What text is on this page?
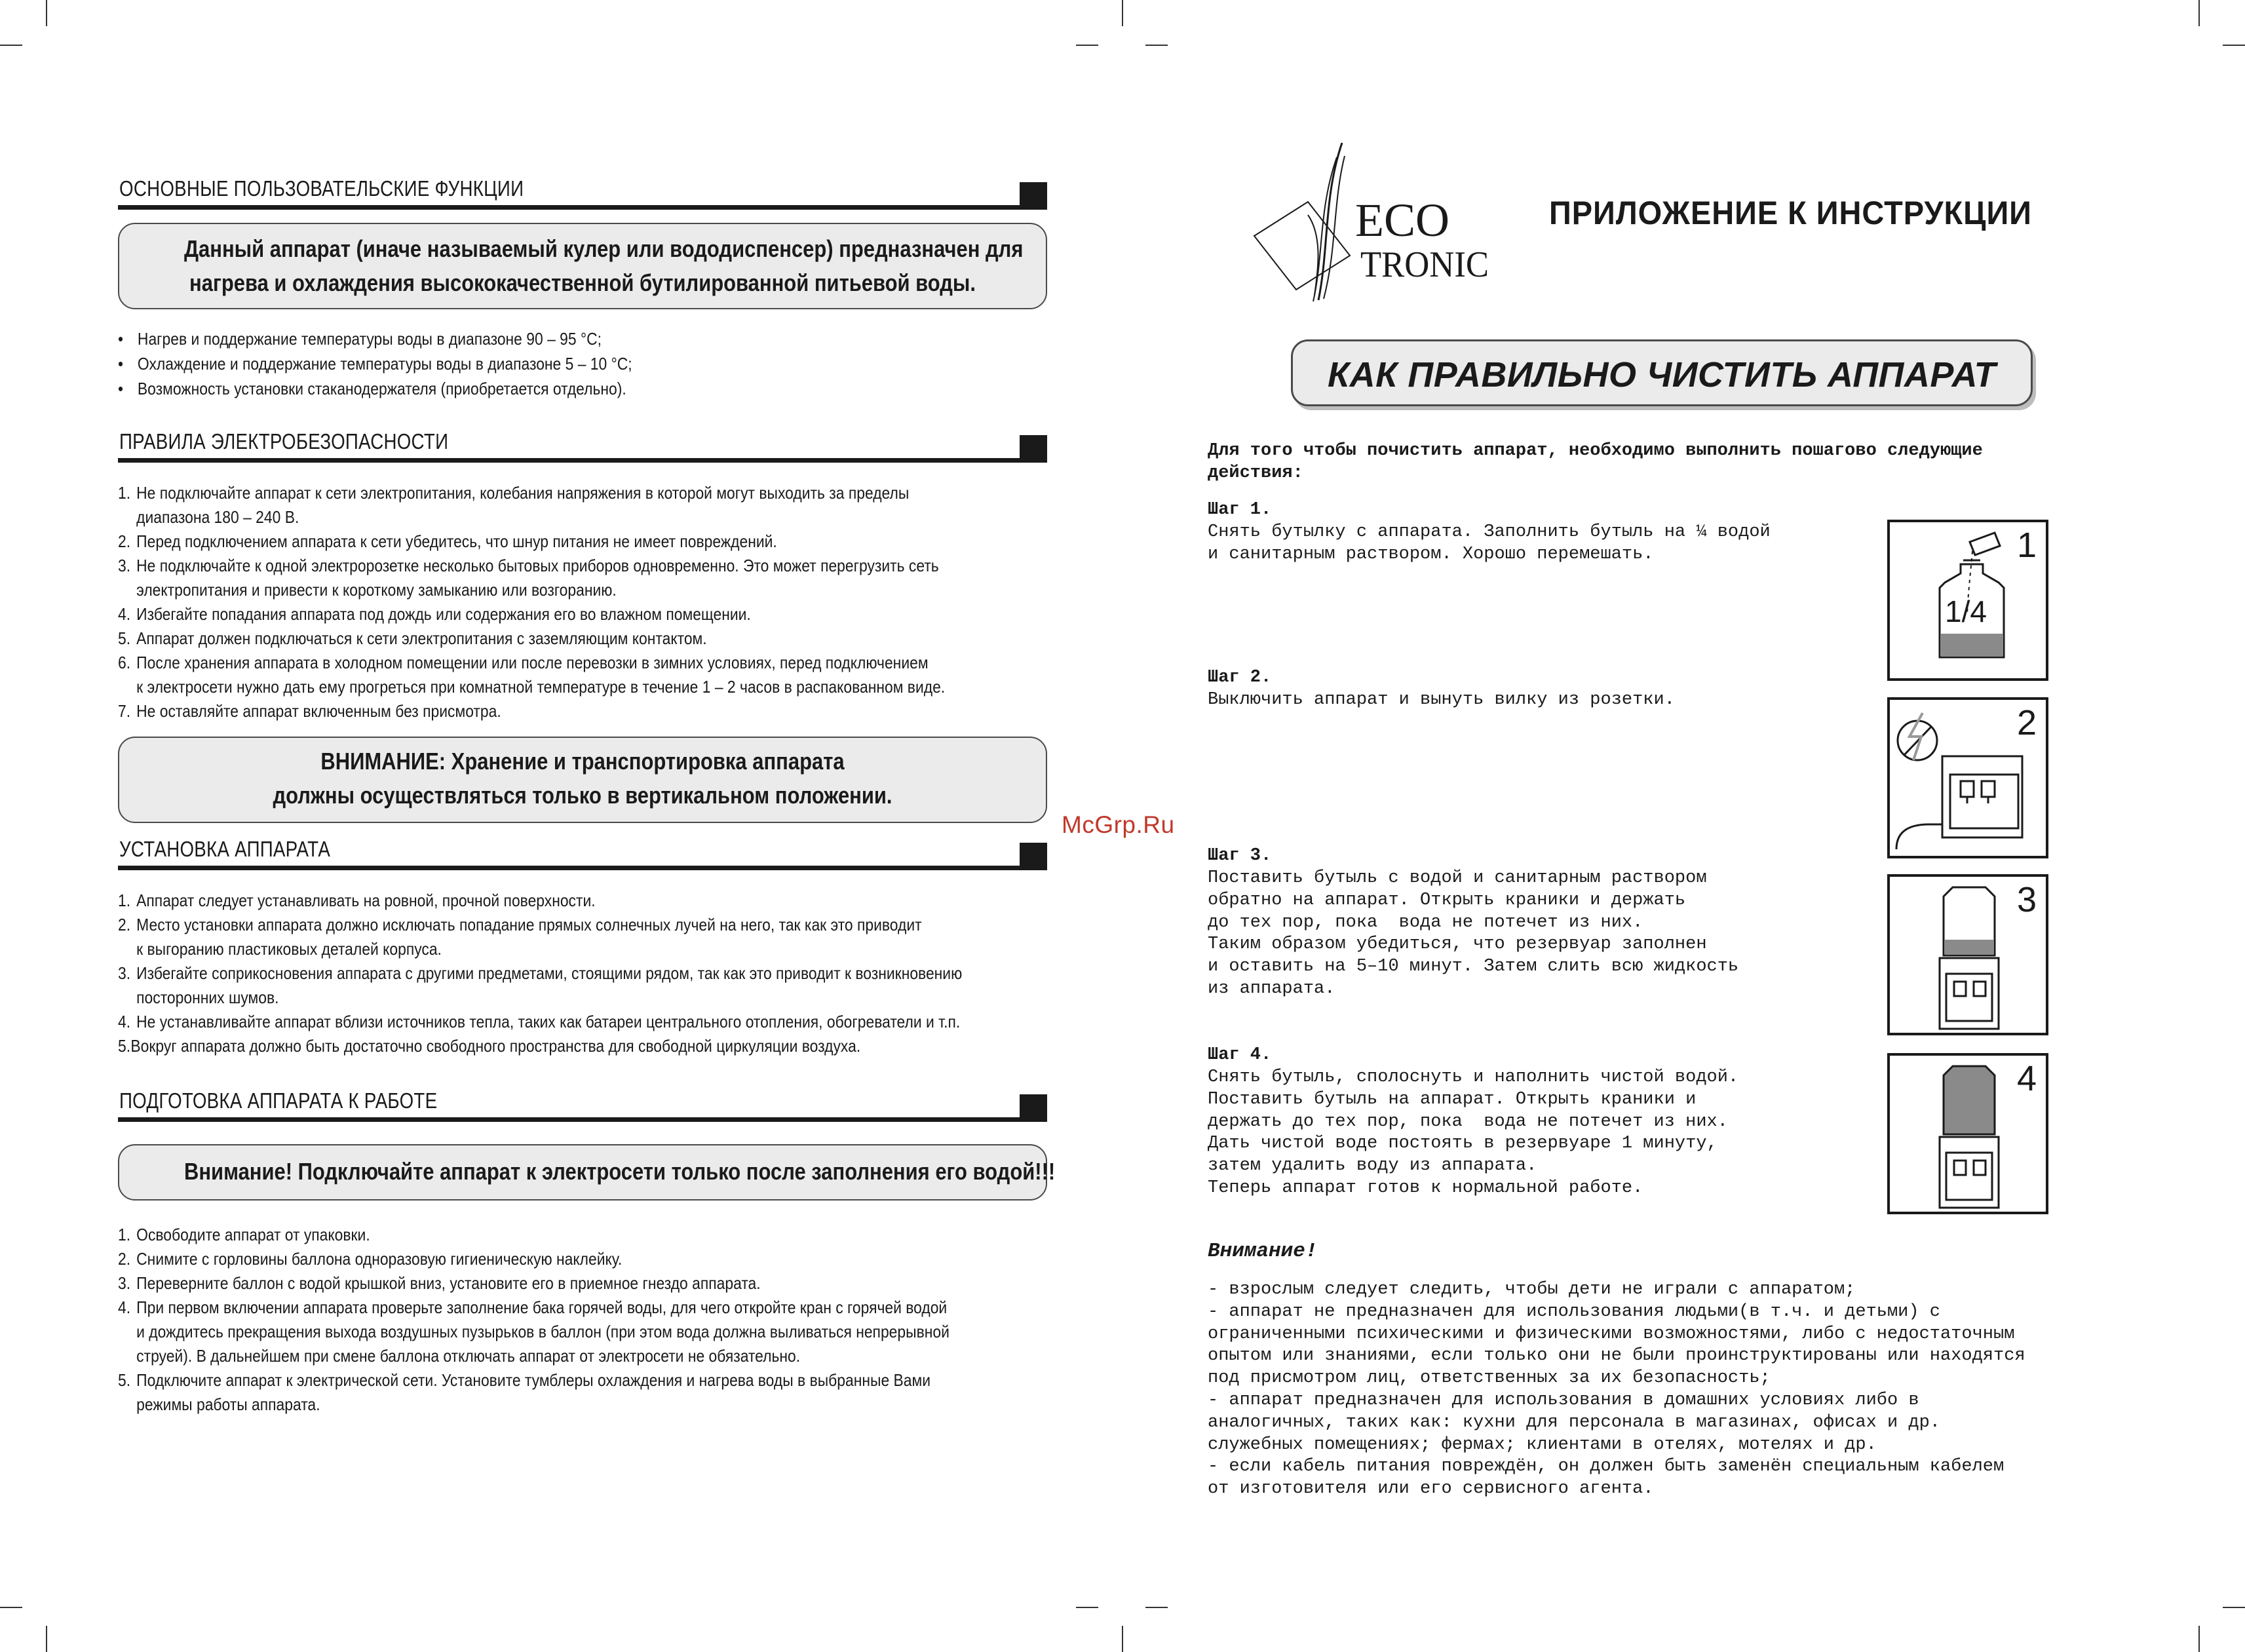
ОСНОВНЫЕ ПОЛЬЗОВАТЕЛЬСКИЕ ФУНКЦИИ
Данный аппарат (иначе называемый кулер или вододиспенсер) предназначен для
нагрева и охлаждения высококачественной бутилированной питьевой воды.
• Нагрев и поддержание температуры воды в диапазоне 90 – 95 °C;
• Охлаждение и поддержание температуры воды в диапазоне 5 – 10 °C;
• Возможность установки стаканодержателя (приобретается отдельно).
ПРАВИЛА ЭЛЕКТРОБЕЗОПАСНОСТИ
1. Не подключайте аппарат к сети электропитания, колебания напряжения в которой могут выходить за пределы
диапазона 180 – 240 В.
2. Перед подключением аппарата к сети убедитесь, что шнур питания не имеет повреждений.
3. Не подключайте к одной электророзетке несколько бытовых приборов одновременно. Это может перегрузить сеть
электропитания и привести к короткому замыканию или возгоранию.
4. Избегайте попадания аппарата под дождь или содержания его во влажном помещении.
5. Аппарат должен подключаться к сети электропитания с заземляющим контактом.
6. После хранения аппарата в холодном помещении или после перевозки в зимних условиях, перед подключением
к электросети нужно дать ему прогреться при комнатной температуре в течение 1 – 2 часов в распакованном виде.
7. Не оставляйте аппарат включенным без присмотра.
ВНИМАНИЕ: Хранение и транспортировка аппарата
должны осуществляться только в вертикальном положении.
УСТАНОВКА АППАРАТА
1. Аппарат следует устанавливать на ровной, прочной поверхности.
2. Место установки аппарата должно исключать попадание прямых солнечных лучей на него, так как это приводит
к выгоранию пластиковых деталей корпуса.
3. Избегайте соприкосновения аппарата с другими предметами, стоящими рядом, так как это приводит к возникновению
посторонних шумов.
4. Не устанавливайте аппарат вблизи источников тепла, таких как батареи центрального отопления, обогреватели и т.п.
5.Вокруг аппарата должно быть достаточно свободного пространства для свободной циркуляции воздуха.
ПОДГОТОВКА АППАРАТА К РАБОТЕ
Внимание! Подключайте аппарат к электросети только после заполнения его водой!!!
1. Освободите аппарат от упаковки.
2. Снимите с горловины баллона одноразовую гигиеническую наклейку.
3. Переверните баллон с водой крышкой вниз, установите его в приемное гнездо аппарата.
4. При первом включении аппарата проверьте заполнение бака горячей воды, для чего откройте кран с горячей водой
и дождитесь прекращения выхода воздушных пузырьков в баллон (при этом вода должна выливаться непрерывной
струей). В дальнейшем при смене баллона отключать аппарат от электросети не обязательно.
5. Подключите аппарат к электрической сети. Установите тумблеры охлаждения и нагрева воды в выбранные Вами
режимы работы аппарата.
McGrp.Ru
ECO
TRONIC
ПРИЛОЖЕНИЕ К ИНСТРУКЦИИ
КАК ПРАВИЛЬНО ЧИСТИТЬ АППАРАТ
Для того чтобы почистить аппарат, необходимо выполнить пошагово следующие
действия:
Шаг 1.
Снять бутылку с аппарата. Заполнить бутыль на ¼ водой
и санитарным раствором. Хорошо перемешать.	1
1/4
Шаг 2.
Выключить аппарат и вынуть вилку из розетки.
2
Шаг 3.
Поставить бутыль с водой и санитарным раствором
обратно на аппарат. Открыть краники и держать
до тех пор, пока  вода не потечет из них.
Таким образом убедиться, что резервуар заполнен
и оставить на 5–10 минут. Затем слить всю жидкость
из аппарата.
3
Шаг 4.
Снять бутыль, сполоснуть и наполнить чистой водой.
Поставить бутыль на аппарат. Открыть краники и
держать до тех пор, пока  вода не потечет из них.
Дать чистой воде постоять в резервуаре 1 минуту,
затем удалить воду из аппарата.
Теперь аппарат готов к нормальной работе.
4
Внимание!
- взрослым следует следить, чтобы дети не играли с аппаратом;
- аппарат не предназначен для использования людьми(в т.ч. и детьми) с
ограниченными психическими и физическими возможностями, либо с недостаточным
опытом или знаниями, если только они не были проинструктированы или находятся
под присмотром лиц, ответственных за их безопасность;
- аппарат предназначен для использования в домашних условиях либо в
аналогичных, таких как: кухни для персонала в магазинах, офисах и др.
служебных помещениях; фермах; клиентами в отелях, мотелях и др.
- если кабель питания повреждён, он должен быть заменён специальным кабелем
от изготовителя или его сервисного агента.
